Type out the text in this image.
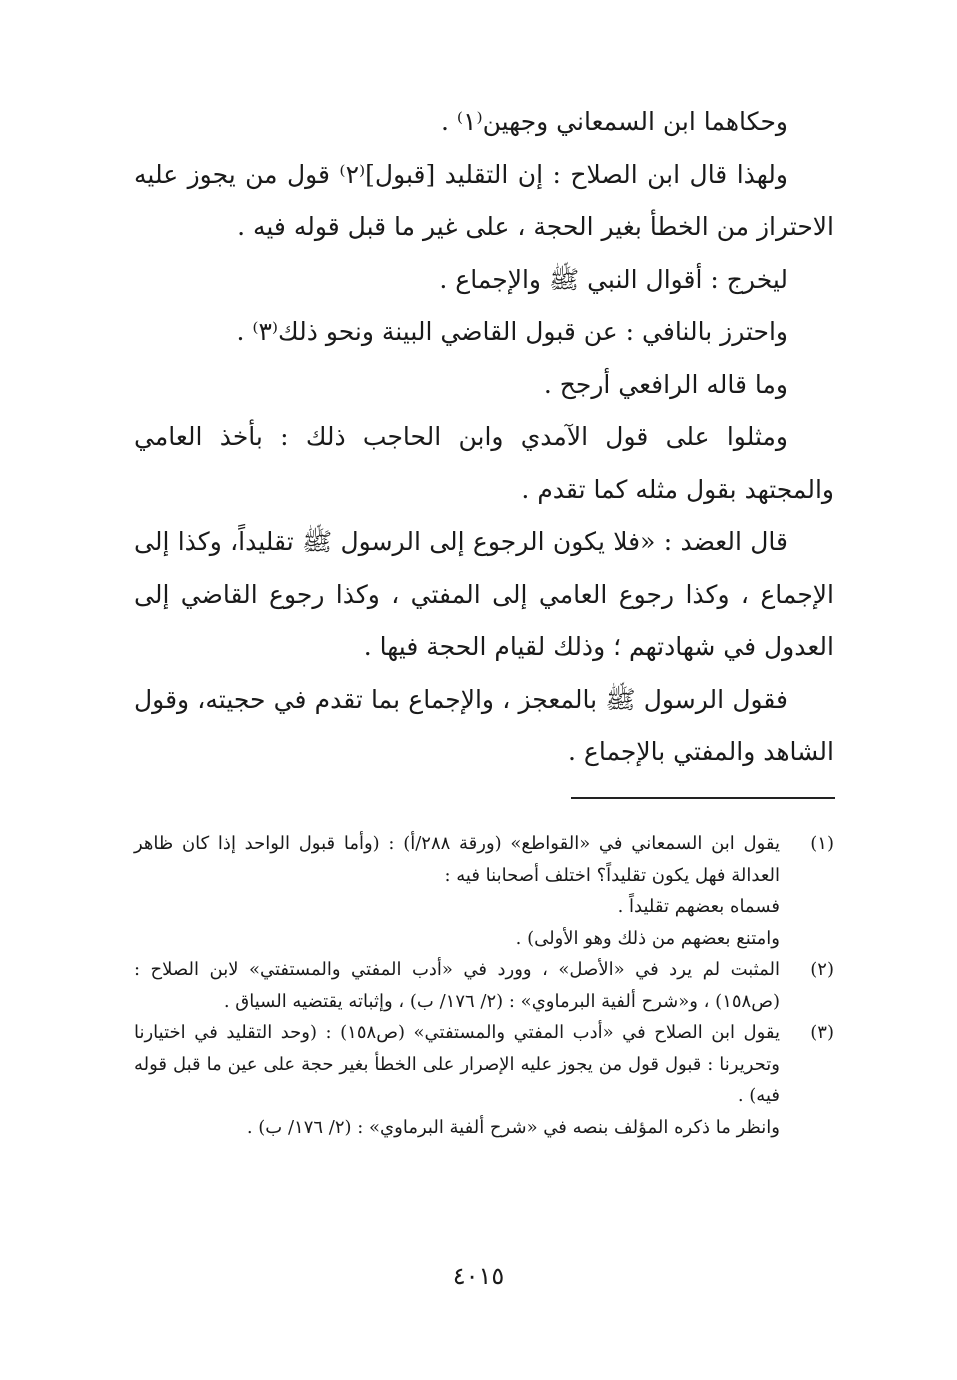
وحكاهما ابن السمعاني وجهين⁽١⁾ .

ولهذا قال ابن الصلاح : إن التقليد [قبول]⁽٢⁾ قول من يجوز عليه الاحتراز من الخطأ بغير الحجة ، على غير ما قبل قوله فيه .

ليخرج : أقوال النبي ﷺ والإجماع .

واحترز بالنافي : عن قبول القاضي البينة ونحو ذلك⁽٣⁾ .

وما قاله الرافعي أرجح .

ومثلوا على قول الآمدي وابن الحاجب ذلك : بأخذ العامي والمجتهد بقول مثله كما تقدم .

قال العضد : «فلا يكون الرجوع إلى الرسول ﷺ تقليداً، وكذا إلى الإجماع ، وكذا رجوع العامي إلى المفتي ، وكذا رجوع القاضي إلى العدول في شهادتهم ؛ وذلك لقيام الحجة فيها .

فقول الرسول ﷺ بالمعجز ، والإجماع بما تقدم في حجيته، وقول الشاهد والمفتي بالإجماع .

(١)

يقول ابن السمعاني في «القواطع» (ورقة ٢٨٨/أ) : (وأما قبول الواحد إذا كان ظاهر العدالة فهل يكون تقليداً؟ اختلف أصحابنا فيه :

فسماه بعضهم تقليداً .

وامتنع بعضهم من ذلك وهو الأولى) .

(٢)

المثبت لم يرد في «الأصل» ، وورد في «أدب المفتي والمستفتي» لابن الصلاح : (ص١٥٨) ، و«شرح ألفية البرماوي» : (٢/ ١٧٦/ ب) ، وإثباته يقتضيه السياق .

(٣)

يقول ابن الصلاح في «أدب المفتي والمستفتي» (ص١٥٨) : (وحد التقليد في اختيارنا وتحريرنا : قبول قول من يجوز عليه الإصرار على الخطأ بغير حجة على عين ما قبل قوله فيه) .

وانظر ما ذكره المؤلف بنصه في «شرح ألفية البرماوي» : (٢/ ١٧٦/ ب) .

٤٠١٥
